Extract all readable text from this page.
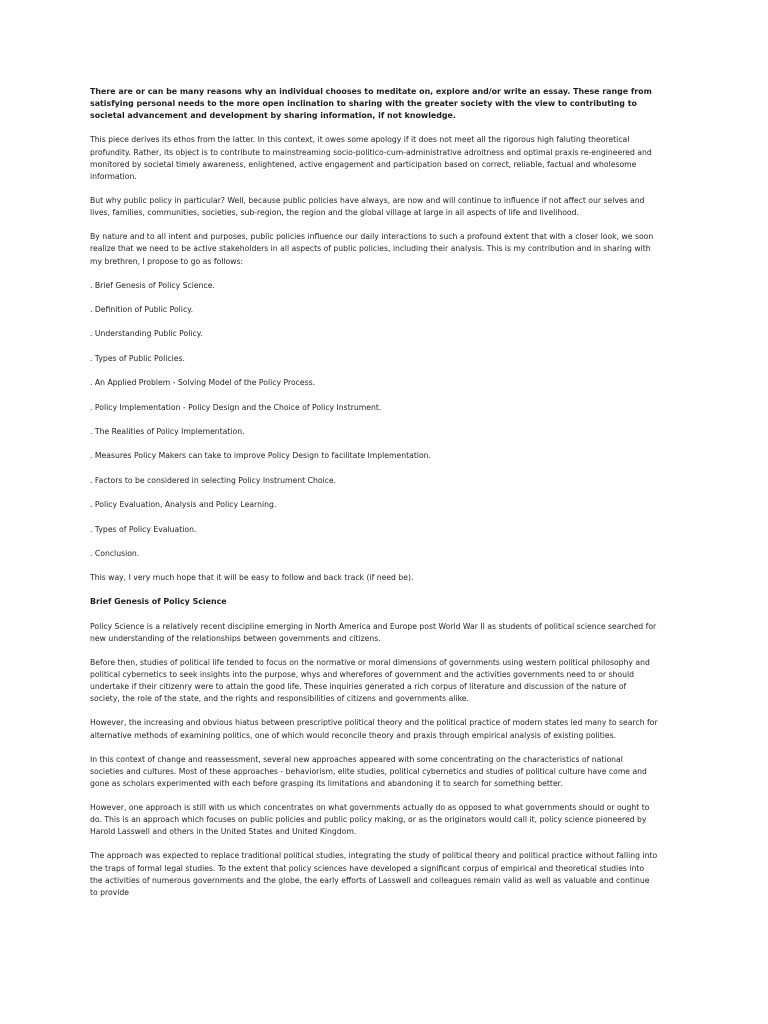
There are or can be many reasons why an individual chooses to meditate on, explore and/or write an essay. These range from satisfying personal needs to the more open inclination to sharing with the greater society with the view to contributing to societal advancement and development by sharing information, if not knowledge.

This piece derives its ethos from the latter. In this context, it owes some apology if it does not meet all the rigorous high faluting theoretical profundity. Rather, its object is to contribute to mainstreaming socio-politico-cum-administrative adroitness and optimal praxis re-engineered and monitored by societal timely awareness, enlightened, active engagement and participation based on correct, reliable, factual and wholesome information.

But why public policy in particular? Well, because public policies have always, are now and will continue to influence if not affect our selves and lives, families, communities, societies, sub-region, the region and the global village at large in all aspects of life and livelihood.

By nature and to all intent and purposes, public policies influence our daily interactions to such a profound extent that with a closer look, we soon realize that we need to be active stakeholders in all aspects of public policies, including their analysis. This is my contribution and in sharing with my brethren, I propose to go as follows:

. Brief Genesis of Policy Science.
. Definition of Public Policy.
. Understanding Public Policy.
. Types of Public Policies.
. An Applied Problem - Solving Model of the Policy Process.
. Policy Implementation - Policy Design and the Choice of Policy Instrument.
. The Realities of Policy Implementation.
. Measures Policy Makers can take to improve Policy Design to facilitate Implementation.
. Factors to be considered in selecting Policy Instrument Choice.
. Policy Evaluation, Analysis and Policy Learning.
. Types of Policy Evaluation.
. Conclusion.

This way, I very much hope that it will be easy to follow and back track (if need be).

Brief Genesis of Policy Science

Policy Science is a relatively recent discipline emerging in North America and Europe post World War II as students of political science searched for new understanding of the relationships between governments and citizens.

Before then, studies of political life tended to focus on the normative or moral dimensions of governments using western political philosophy and political cybernetics to seek insights into the purpose, whys and wherefores of government and the activities governments need to or should undertake if their citizenry were to attain the good life. These inquiries generated a rich corpus of literature and discussion of the nature of society, the role of the state, and the rights and responsibilities of citizens and governments alike.

However, the increasing and obvious hiatus between prescriptive political theory and the political practice of modern states led many to search for alternative methods of examining politics, one of which would reconcile theory and praxis through empirical analysis of existing polities.

In this context of change and reassessment, several new approaches appeared with some concentrating on the characteristics of national societies and cultures. Most of these approaches - behaviorism, elite studies, political cybernetics and studies of political culture have come and gone as scholars experimented with each before grasping its limitations and abandoning it to search for something better.

However, one approach is still with us which concentrates on what governments actually do as opposed to what governments should or ought to do. This is an approach which focuses on public policies and public policy making, or as the originators would call it, policy science pioneered by Harold Lasswell and others in the United States and United Kingdom.

The approach was expected to replace traditional political studies, integrating the study of political theory and political practice without falling into the traps of formal legal studies. To the extent that policy sciences have developed a significant corpus of empirical and theoretical studies into the activities of numerous governments and the globe, the early efforts of Lasswell and colleagues remain valid as well as valuable and continue to provide
